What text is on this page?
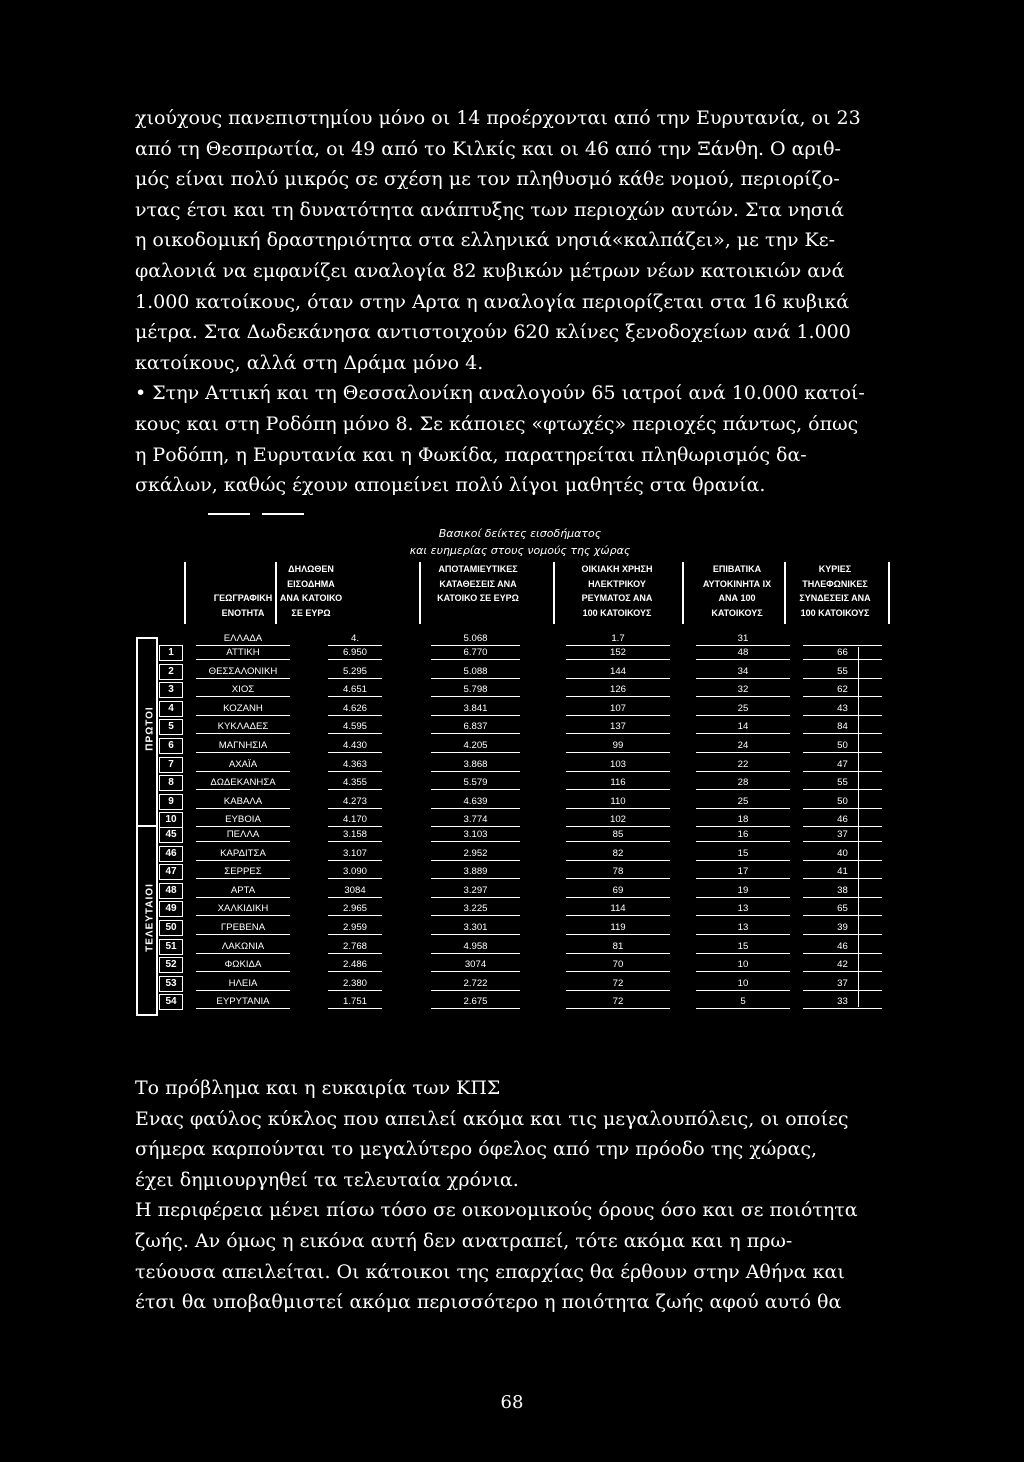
χιούχους πανεπιστημίου μόνο οι 14 προέρχονται από την Ευρυτανία, οι 23
από τη Θεσπρωτία, οι 49 από το Κιλκίς και οι 46 από την Ξάνθη. Ο αριθ-
μός είναι πολύ μικρός σε σχέση με τον πληθυσμό κάθε νομού, περιορίζο-
ντας έτσι και τη δυνατότητα ανάπτυξης των περιοχών αυτών. Στα νησιά
η οικοδομική δραστηριότητα στα ελληνικά νησιά«καλπάζει», με την Κε-
φαλονιά να εμφανίζει αναλογία 82 κυβικών μέτρων νέων κατοικιών ανά
1.000 κατοίκους, όταν στην Αρτα η αναλογία περιορίζεται στα 16 κυβικά
μέτρα. Στα Δωδεκάνησα αντιστοιχούν 620 κλίνες ξενοδοχείων ανά 1.000
κατοίκους, αλλά στη Δράμα μόνο 4.
• Στην Αττική και τη Θεσσαλονίκη αναλογούν 65 ιατροί ανά 10.000 κατοί-
κους και στη Ροδόπη μόνο 8. Σε κάποιες «φτωχές» περιοχές πάντως, όπως
η Ροδόπη, η Ευρυτανία και η Φωκίδα, παρατηρείται πληθωρισμός δα-
σκάλων, καθώς έχουν απομείνει πολύ λίγοι μαθητές στα θρανία.
Βασικοί δείκτες εισοδήματος
και ευημερίας στους νομούς της χώρας
ΓΕΩΓΡΑΦΙΚΗ
ΕΝΟΤΗΤΑ
ΔΗΛΩΘΕΝ
ΕΙΣΟΔΗΜΑ
ΑΝΑ ΚΑΤΟΙΚΟ
ΣΕ ΕΥΡΩ
ΑΠΟΤΑΜΙΕΥΤΙΚΕΣ
ΚΑΤΑΘΕΣΕΙΣ ΑΝΑ
ΚΑΤΟΙΚΟ ΣΕ ΕΥΡΩ
ΟΙΚΙΑΚΗ ΧΡΗΣΗ
ΗΛΕΚΤΡΙΚΟΥ
ΡΕΥΜΑΤΟΣ ΑΝΑ
100 ΚΑΤΟΙΚΟΥΣ
ΕΠΙΒΑΤΙΚΑ
ΑΥΤΟΚΙΝΗΤΑ ΙΧ
ΑΝΑ 100
ΚΑΤΟΙΚΟΥΣ
ΚΥΡΙΕΣ
ΤΗΛΕΦΩΝΙΚΕΣ
ΣΥΝΔΕΣΕΙΣ ΑΝΑ
100 ΚΑΤΟΙΚΟΥΣ
ΕΛΛΑΔΑ	4.	5.068	1.7	31
1	ΑΤΤΙΚΗ	6.950	6.770	152	48	66
2	ΘΕΣΣΑΛΟΝΙΚΗ	5.295	5.088	144	34	55
3	ΧΙΟΣ	4.651	5.798	126	32	62
4	ΚΟΖΑΝΗ	4.626	3.841	107	25	43
5	ΚΥΚΛΑΔΕΣ	4.595	6.837	137	14	84
6	ΜΑΓΝΗΣΙΑ	4.430	4.205	99	24	50
7	ΑΧΑΪΑ	4.363	3.868	103	22	47
8	ΔΩΔΕΚΑΝΗΣΑ	4.355	5.579	116	28	55
9	ΚΑΒΑΛΑ	4.273	4.639	110	25	50
10	ΕΥΒΟΙΑ	4.170	3.774	102	18	46
45	ΠΕΛΛΑ	3.158	3.103	85	16	37
46	ΚΑΡΔΙΤΣΑ	3.107	2.952	82	15	40
47	ΣΕΡΡΕΣ	3.090	3.889	78	17	41
48	ΑΡΤΑ	3084	3.297	69	19	38
49	ΧΑΛΚΙΔΙΚΗ	2.965	3.225	114	13	65
50	ΓΡΕΒΕΝΑ	2.959	3.301	119	13	39
51	ΛΑΚΩΝΙΑ	2.768	4.958	81	15	46
52	ΦΩΚΙΔΑ	2.486	3074	70	10	42
53	ΗΛΕΙΑ	2.380	2.722	72	10	37
54	ΕΥΡΥΤΑΝΙΑ	1.751	2.675	72	5	33
ΠΡΩΤΟΙ
ΤΕΛΕΥΤΑΙΟΙ
Το πρόβλημα και η ευκαιρία των ΚΠΣ
Ενας φαύλος κύκλος που απειλεί ακόμα και τις μεγαλουπόλεις, οι οποίες
σήμερα καρπούνται το μεγαλύτερο όφελος από την πρόοδο της χώρας,
έχει δημιουργηθεί τα τελευταία χρόνια.
Η περιφέρεια μένει πίσω τόσο σε οικονομικούς όρους όσο και σε ποιότητα
ζωής. Αν όμως η εικόνα αυτή δεν ανατραπεί, τότε ακόμα και η πρω-
τεύουσα απειλείται. Οι κάτοικοι της επαρχίας θα έρθουν στην Αθήνα και
έτσι θα υποβαθμιστεί ακόμα περισσότερο η ποιότητα ζωής αφού αυτό θα
68
